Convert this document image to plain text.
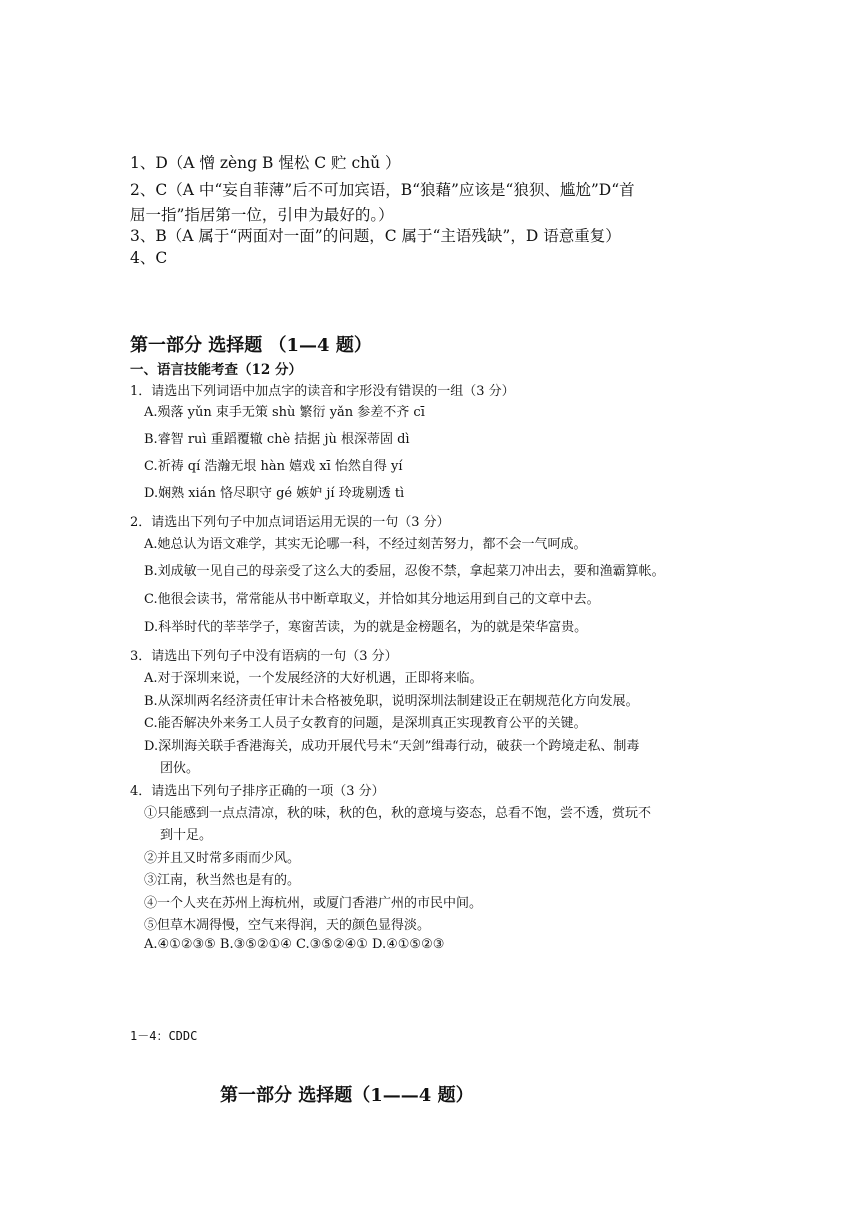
1、D（A 憎 zèng B 惺松 C 贮 chǔ ）
2、C（A 中“妄自菲薄”后不可加宾语，B“狼藉”应该是“狼狈、尴尬”D“首
屈一指”指居第一位，引申为最好的。）
3、B（A 属于“两面对一面”的问题，C 属于“主语残缺”，D 语意重复）
4、C
第一部分 选择题 （1—4 题）
一、语言技能考查（12 分）
1．请选出下列词语中加点字的读音和字形没有错误的一组（3 分）
A.殒落 yǔn 束手无策 shù 繁衍 yǎn 参差不齐 cī
B.睿智 ruì 重蹈覆辙 chè 拮据 jù 根深蒂固 dì
C.祈祷 qí 浩瀚无垠 hàn 嬉戏 xī 怡然自得 yí
D.娴熟 xián 恪尽职守 gé 嫉妒 jí 玲珑剔透 tì
2．请选出下列句子中加点词语运用无误的一句（3 分）
A.她总认为语文难学，其实无论哪一科，不经过刻苦努力，都不会一气呵成。
B.刘成敏一见自己的母亲受了这么大的委屈，忍俊不禁，拿起菜刀冲出去，要和渔霸算帐。
C.他很会读书，常常能从书中断章取义，并恰如其分地运用到自己的文章中去。
D.科举时代的莘莘学子，寒窗苦读，为的就是金榜题名，为的就是荣华富贵。
3．请选出下列句子中没有语病的一句（3 分）
A.对于深圳来说，一个发展经济的大好机遇，正即将来临。
B.从深圳两名经济责任审计未合格被免职，说明深圳法制建设正在朝规范化方向发展。
C.能否解决外来务工人员子女教育的问题，是深圳真正实现教育公平的关键。
D.深圳海关联手香港海关，成功开展代号未“天剑”缉毒行动，破获一个跨境走私、制毒
团伙。
4．请选出下列句子排序正确的一项（3 分）
①只能感到一点点清凉，秋的味，秋的色，秋的意境与姿态，总看不饱，尝不透，赏玩不
到十足。
②并且又时常多雨而少风。
③江南，秋当然也是有的。
④一个人夹在苏州上海杭州，或厦门香港广州的市民中间。
⑤但草木凋得慢，空气来得润，天的颜色显得淡。
A.④①②③⑤ B.③⑤②①④ C.③⑤②④① D.④①⑤②③
1－4：CDDC
第一部分 选择题（1——4 题）
